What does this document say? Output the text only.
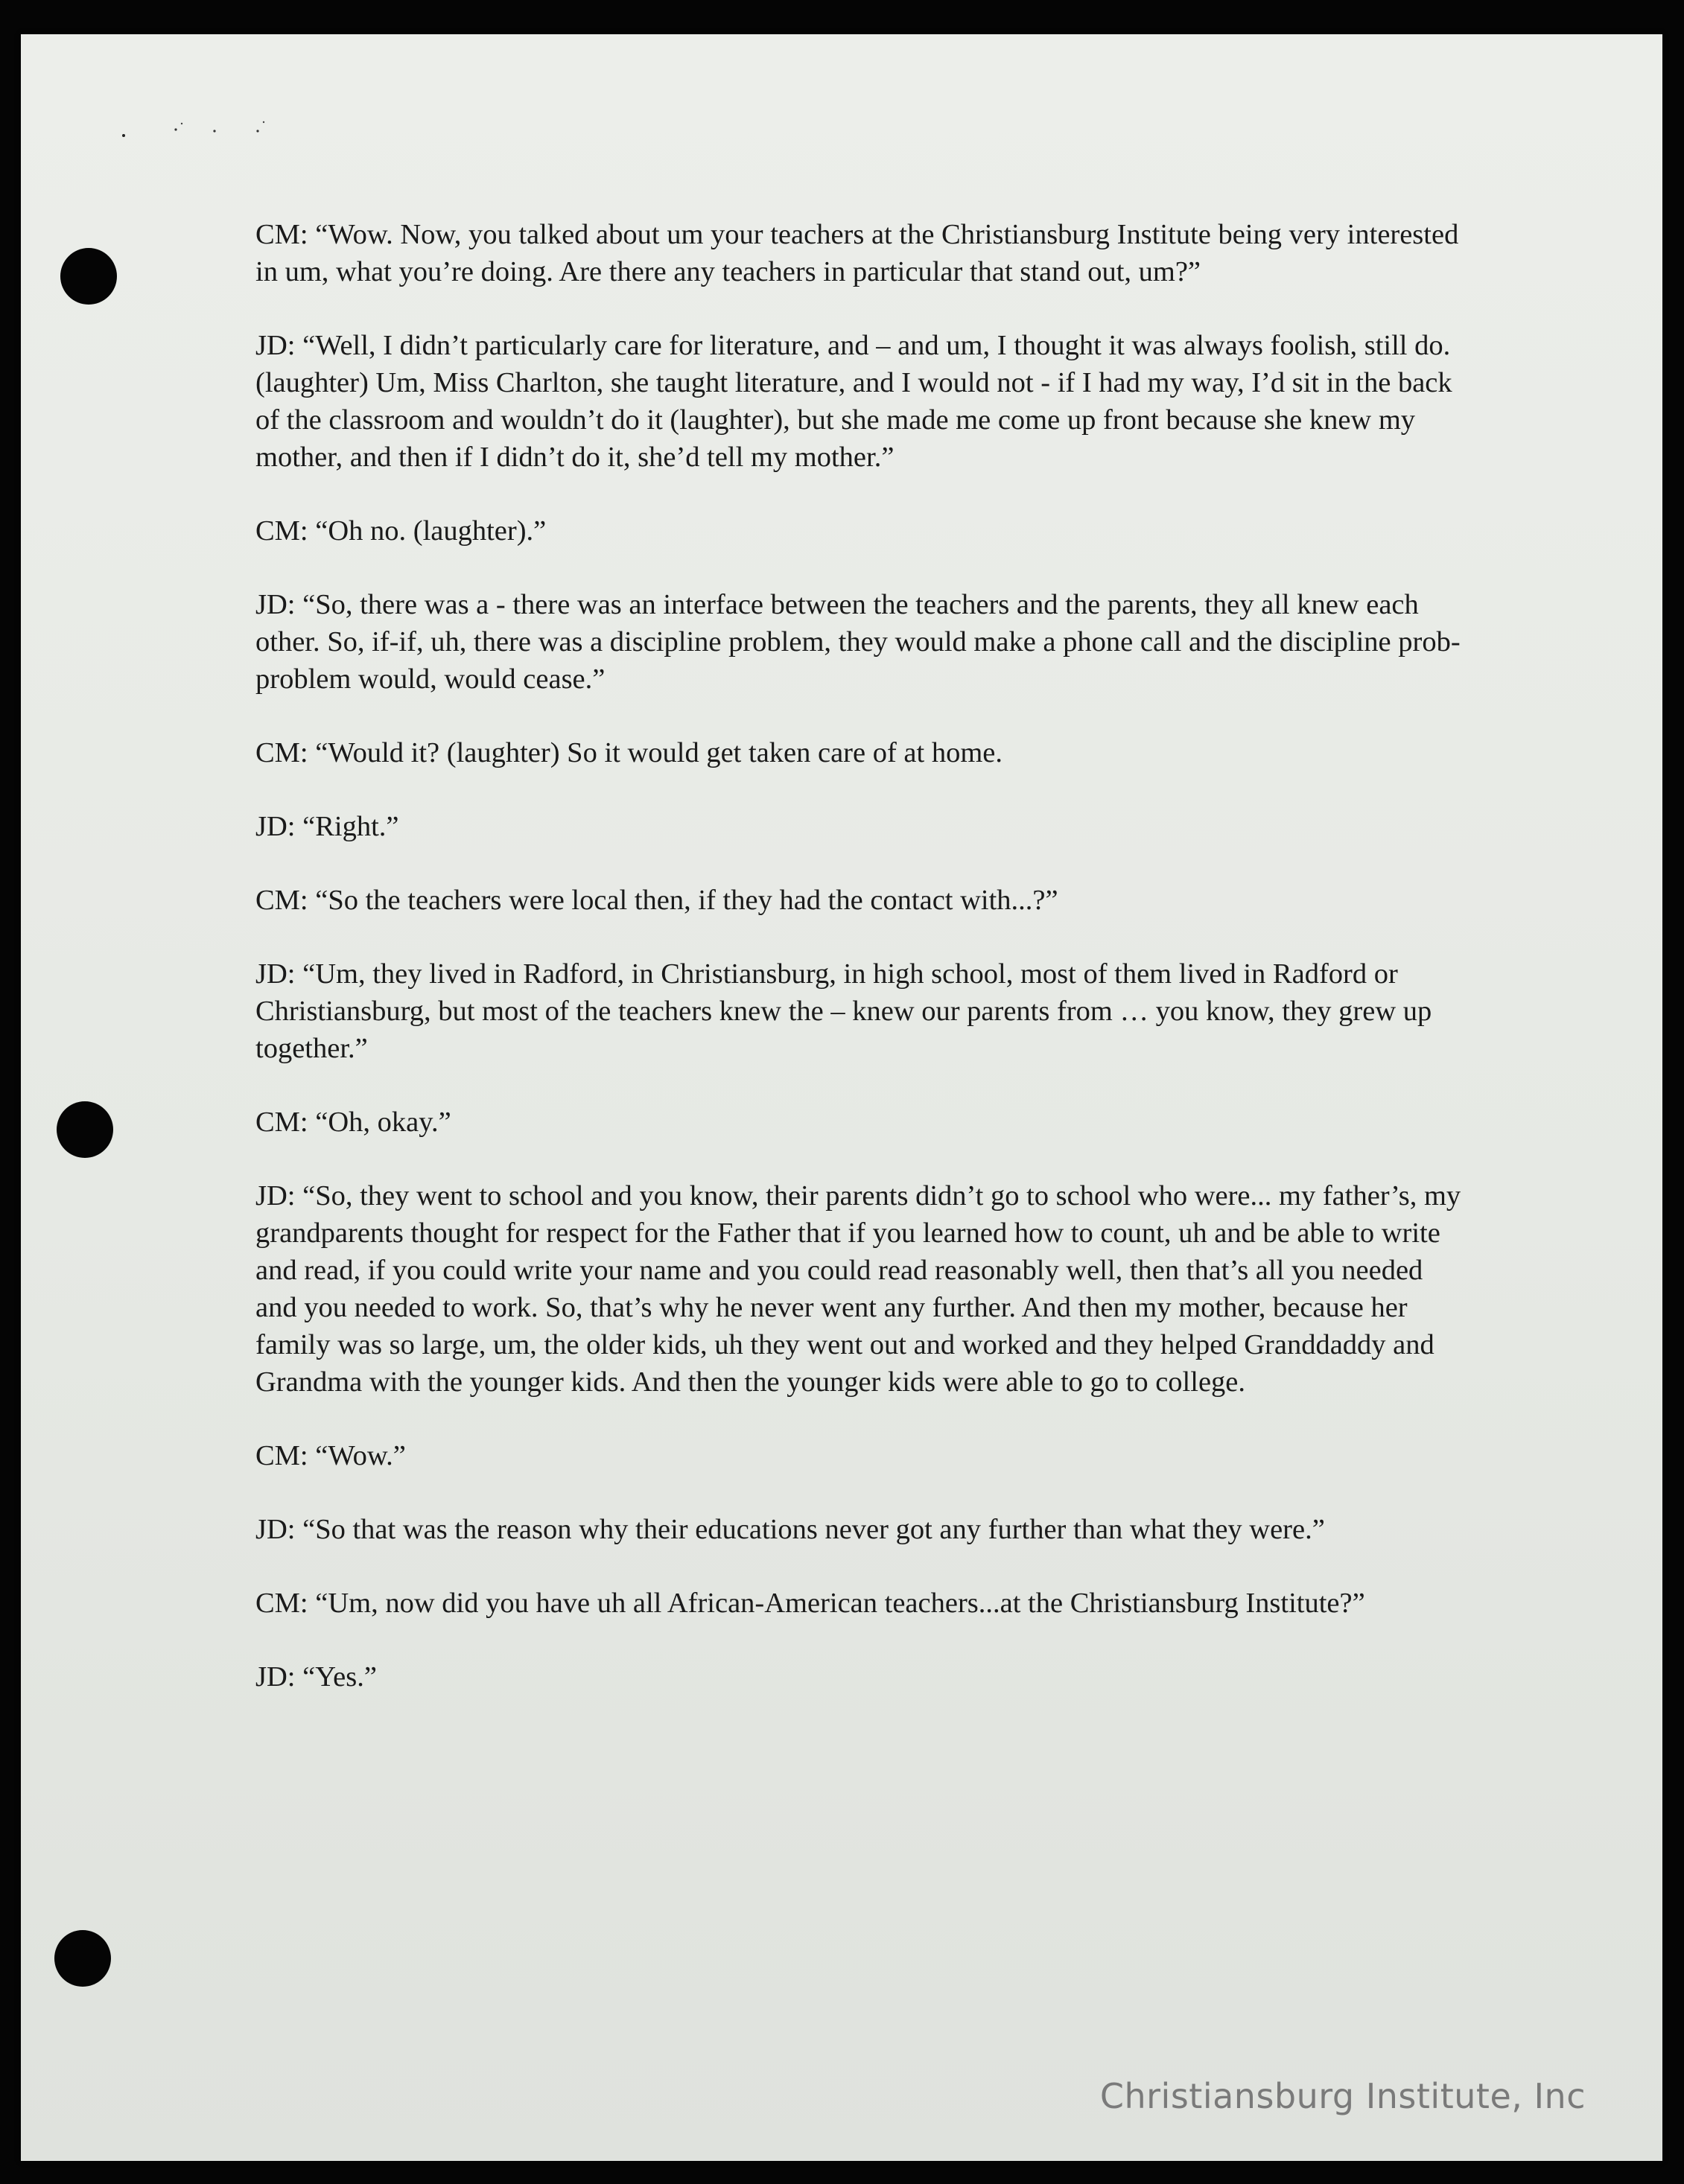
CM: “Wow. Now, you talked about um your teachers at the Christiansburg Institute being very interested in um, what you’re doing. Are there any teachers in particular that stand out, um?”

JD: “Well, I didn’t particularly care for literature, and – and um, I thought it was always foolish, still do. (laughter) Um, Miss Charlton, she taught literature, and I would not - if I had my way, I’d sit in the back of the classroom and wouldn’t do it (laughter), but she made me come up front because she knew my mother, and then if I didn’t do it, she’d tell my mother.”

CM: “Oh no. (laughter).”

JD: “So, there was a - there was an interface between the teachers and the parents, they all knew each other. So, if-if, uh, there was a discipline problem, they would make a phone call and the discipline prob-problem would, would cease.”

CM: “Would it? (laughter) So it would get taken care of at home.

JD: “Right.”

CM: “So the teachers were local then, if they had the contact with...?”

JD: “Um, they lived in Radford, in Christiansburg, in high school, most of them lived in Radford or Christiansburg, but most of the teachers knew the – knew our parents from … you know, they grew up together.”

CM: “Oh, okay.”

JD: “So, they went to school and you know, their parents didn’t go to school who were... my father’s, my grandparents thought for respect for the Father that if you learned how to count, uh and be able to write and read, if you could write your name and you could read reasonably well, then that’s all you needed and you needed to work. So, that’s why he never went any further. And then my mother, because her family was so large, um, the older kids, uh they went out and worked and they helped Granddaddy and Grandma with the younger kids. And then the younger kids were able to go to college.

CM: “Wow.”

JD: “So that was the reason why their educations never got any further than what they were.”

CM: “Um, now did you have uh all African-American teachers...at the Christiansburg Institute?”

JD: “Yes.”

Christiansburg Institute, Inc
